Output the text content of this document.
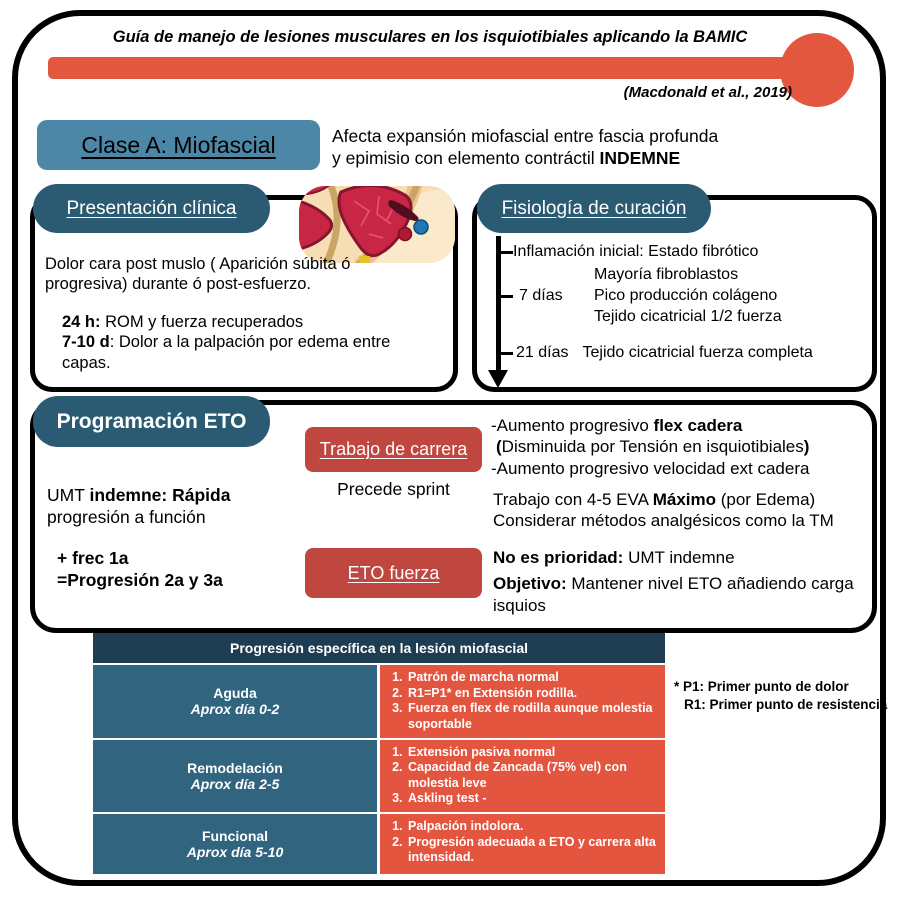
Guía de manejo de lesiones musculares en los isquiotibiales aplicando la BAMIC
(Macdonald et al., 2019)
Clase A: Miofascial	Afecta expansión miofascial entre fascia profunda
y epimisio con elemento contráctil INDEMNE
Presentación clínica
Dolor cara post muslo ( Aparición súbita ó progresiva) durante ó post-esfuerzo.
24 h: ROM y fuerza recuperados
7-10 d: Dolor a la palpación por edema entre capas.
Fisiología de curación
Inflamación inicial: Estado fibrótico
7 días
Mayoría fibroblastos
Pico producción colágeno
Tejido cicatricial 1/2 fuerza
21 días Tejido cicatricial fuerza completa
Programación ETO
UMT indemne: Rápida
progresión a función
+ frec 1a
=Progresión 2a y 3a
Trabajo de carrera
Precede sprint
ETO fuerza
-Aumento progresivo flex cadera
(Disminuida por Tensión en isquiotibiales)
-Aumento progresivo velocidad ext cadera
Trabajo con 4-5 EVA Máximo (por Edema)
Considerar métodos analgésicos como la TM
No es prioridad: UMT indemne
Objetivo: Mantener nivel ETO añadiendo carga isquios
Progresión específica en la lesión miofascial
Aguda
Aprox día 0-2
1. Patrón de marcha normal
2. R1=P1* en Extensión rodilla.
3. Fuerza en flex de rodilla aunque molestia soportable
Remodelación
Aprox día 2-5
1. Extensión pasiva normal
2. Capacidad de Zancada (75% vel) con molestia leve
3. Askling test -
Funcional
Aprox día 5-10
1. Palpación indolora.
2. Progresión adecuada a ETO y carrera alta intensidad.
* P1: Primer punto de dolor
R1: Primer punto de resistencia
